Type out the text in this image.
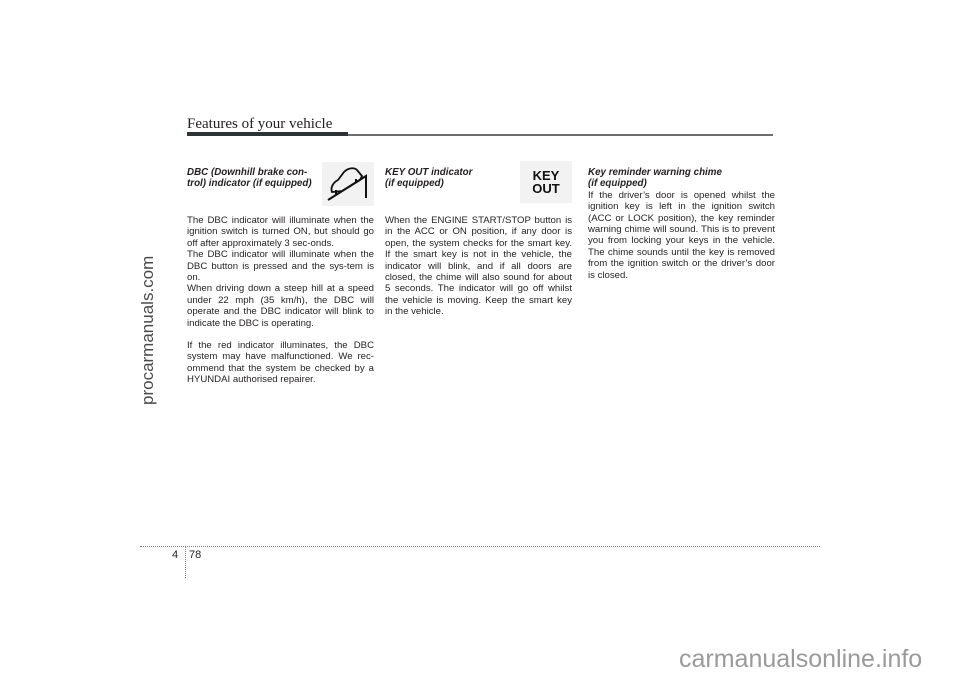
Features of your vehicle

DBC (Downhill brake con-

trol) indicator (if equipped)

The DBC indicator will illuminate when the ignition switch is turned ON, but should go off after approximately 3 sec-onds.

The DBC indicator will illuminate when the DBC button is pressed and the sys-tem is on.

When driving down a steep hill at a speed under 22 mph (35 km/h), the DBC will operate and the DBC indicator will blink to indicate the DBC is operating.

If the red indicator illuminates, the DBC system may have malfunctioned. We rec-ommend that the system be checked by a HYUNDAI authorised repairer.

KEY OUT indicator

(if equipped)

KEY
OUT

When the ENGINE START/STOP button is in the ACC or ON position, if any door is open, the system checks for the smart key. If the smart key is not in the vehicle, the indicator will blink, and if all doors are closed, the chime will also sound for about 5 seconds. The indicator will go off whilst the vehicle is moving. Keep the smart key in the vehicle.

Key reminder warning chime

(if equipped)

If the driver’s door is opened whilst the ignition key is left in the ignition switch (ACC or LOCK position), the key reminder warning chime will sound. This is to prevent you from locking your keys in the vehicle. The chime sounds until the key is removed from the ignition switch or the driver’s door is closed.

4 78
procarmanuals.com
carmanualsonline.info
